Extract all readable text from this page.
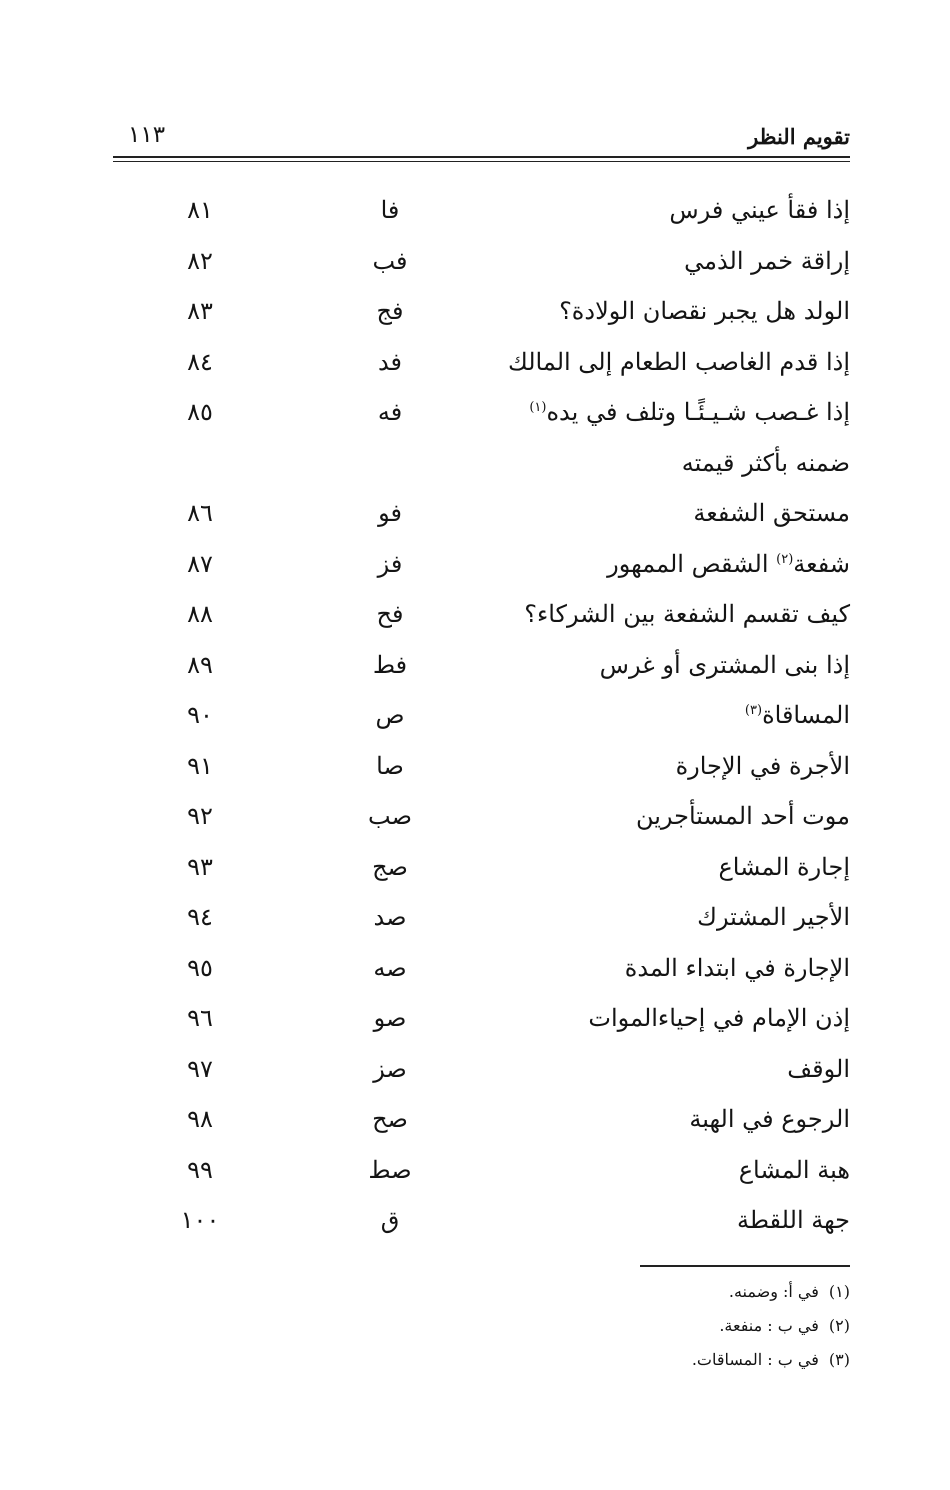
تقويم النظر
١١٣
إذا فقأ عيني فرس
فا
٨١
إراقة خمر الذمي
فب
٨٢
الولد هل يجبر نقصان الولادة؟
فج
٨٣
إذا قدم الغاصب الطعام إلى المالك
فد
٨٤
إذا غـصب شـيـئًـا وتلف في يده$^{(١)}$
فه
٨٥
ضمنه بأكثر قيمته
مستحق الشفعة
فو
٨٦
شفعة$^{(٢)}$ الشقص الممهور
فز
٨٧
كيف تقسم الشفعة بين الشركاء؟
فح
٨٨
إذا بنى المشترى أو غرس
فط
٨٩
المساقاة$^{(٣)}$
ص
٩٠
الأجرة في الإجارة
صا
٩١
موت أحد المستأجرين
صب
٩٢
إجارة المشاع
صج
٩٣
الأجير المشترك
صد
٩٤
الإجارة في ابتداء المدة
صه
٩٥
إذن الإمام في إحياءالموات
صو
٩٦
الوقف
صز
٩٧
الرجوع في الهبة
صح
٩٨
هبة المشاع
صط
٩٩
جهة اللقطة
ق
١٠٠
(١)في أ: وضمنه.
(٢)في ب : منفعة.
(٣)في ب : المساقات.
